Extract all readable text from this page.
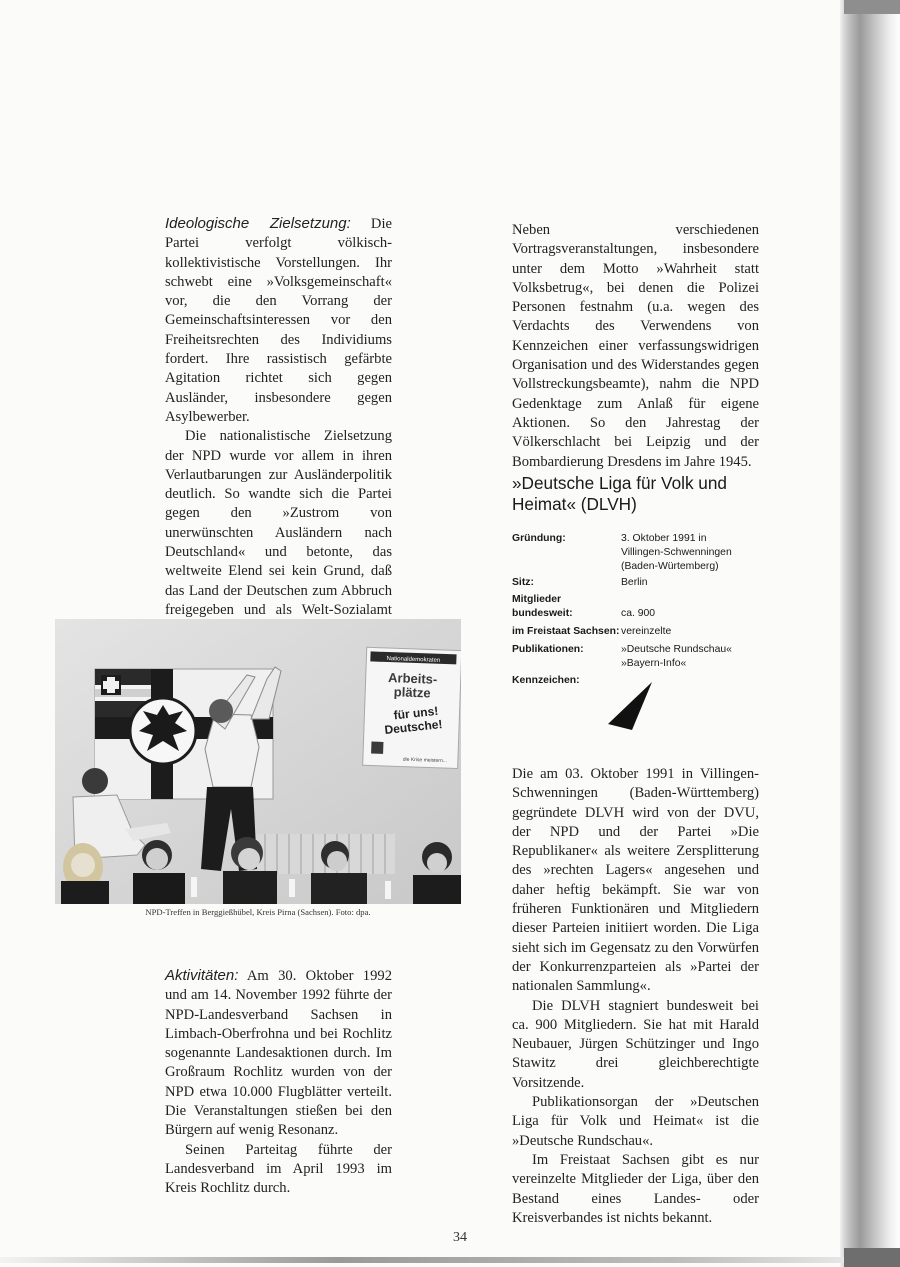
Ideologische Zielsetzung: Die Partei verfolgt völkisch-kollektivistische Vorstellungen. Ihr schwebt eine »Volksgemeinschaft« vor, die den Vorrang der Gemeinschaftsinteressen vor den Freiheitsrechten des Individiums fordert. Ihre rassistisch gefärbte Agitation richtet sich gegen Ausländer, insbesondere gegen Asylbewerber.

Die nationalistische Zielsetzung der NPD wurde vor allem in ihren Verlautbarungen zur Ausländerpolitik deutlich. So wandte sich die Partei gegen den »Zustrom von unerwünschten Ausländern nach Deutschland« und betonte, das weltweite Elend sei kein Grund, daß das Land der Deutschen zum Abbruch freigegeben und als Welt-Sozialamt

Nationaldemokraten
Arbeits-
plätze
für uns!
Deutsche!
die Krise meistern...
NPD-Treffen in Berggießhübel, Kreis Pirna (Sachsen). Foto: dpa.

Aktivitäten: Am 30. Oktober 1992 und am 14. November 1992 führte der NPD-Landesverband Sachsen in Limbach-Oberfrohna und bei Rochlitz sogenannte Landesaktionen durch. Im Großraum Rochlitz wurden von der NPD etwa 10.000 Flugblätter verteilt. Die Veranstaltungen stießen bei den Bürgern auf wenig Resonanz.

Seinen Parteitag führte der Landesverband im April 1993 im Kreis Rochlitz durch.

Neben verschiedenen Vortragsveranstaltungen, insbesondere unter dem Motto »Wahrheit statt Volksbetrug«, bei denen die Polizei Personen festnahm (u.a. wegen des Verdachts des Verwendens von Kennzeichen einer verfassungswidrigen Organisation und des Widerstandes gegen Vollstreckungsbeamte), nahm die NPD Gedenktage zum Anlaß für eigene Aktionen. So den Jahrestag der Völkerschlacht bei Leipzig und der Bombardierung Dresdens im Jahre 1945.

»Deutsche Liga für Volk und Heimat« (DLVH)
Gründung:	3. Oktober 1991 in
Villingen-Schwenningen
(Baden-Würtemberg)
Sitz:	Berlin
Mitglieder
bundesweit:	ca. 900
im Freistaat Sachsen: vereinzelte
Publikationen:	»Deutsche Rundschau«
»Bayern-Info«
Kennzeichen:

Die am 03. Oktober 1991 in Villingen-Schwenningen (Baden-Württemberg) gegründete DLVH wird von der DVU, der NPD und der Partei »Die Republikaner« als weitere Zersplitterung des »rechten Lagers« angesehen und daher heftig bekämpft. Sie war von früheren Funktionären und Mitgliedern dieser Parteien initiiert worden. Die Liga sieht sich im Gegensatz zu den Vorwürfen der Konkurrenzparteien als »Partei der nationalen Sammlung«.

Die DLVH stagniert bundesweit bei ca. 900 Mitgliedern. Sie hat mit Harald Neubauer, Jürgen Schützinger und Ingo Stawitz drei gleichberechtigte Vorsitzende.

Publikationsorgan der »Deutschen Liga für Volk und Heimat« ist die »Deutsche Rundschau«.

Im Freistaat Sachsen gibt es nur vereinzelte Mitglieder der Liga, über den Bestand eines Landes- oder Kreisverbandes ist nichts bekannt.

34
